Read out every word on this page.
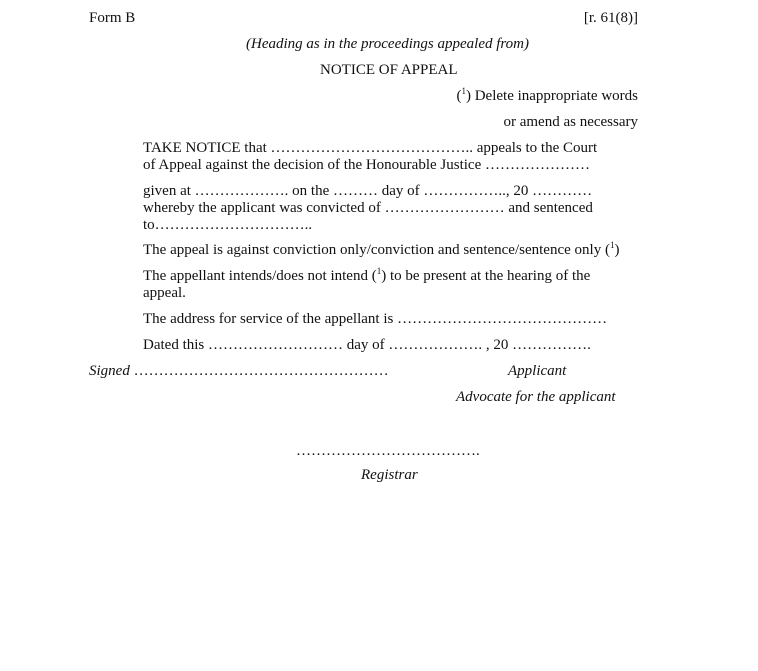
Form B	[r. 61(8)]
(Heading as in the proceedings appealed from)
NOTICE OF APPEAL
($^1$) Delete inappropriate words
or amend as necessary
TAKE NOTICE that ………………………………….. appeals to the Court
of Appeal against the decision of the Honourable Justice …………………
given at ………………. on the ……… day of …………….., 20 …………
whereby the applicant was convicted of …………………… and sentenced
to…………………………..
The appeal is against conviction only/conviction and sentence/sentence only ($^1$)
The appellant intends/does not intend ($^1$) to be present at the hearing of the
appeal.
The address for service of the appellant is ……………………………………
Dated this ……………………… day of ………………. , 20 …………….
Signed ……………………………………………	Applicant
Advocate for the applicant
……………………………….
Registrar
